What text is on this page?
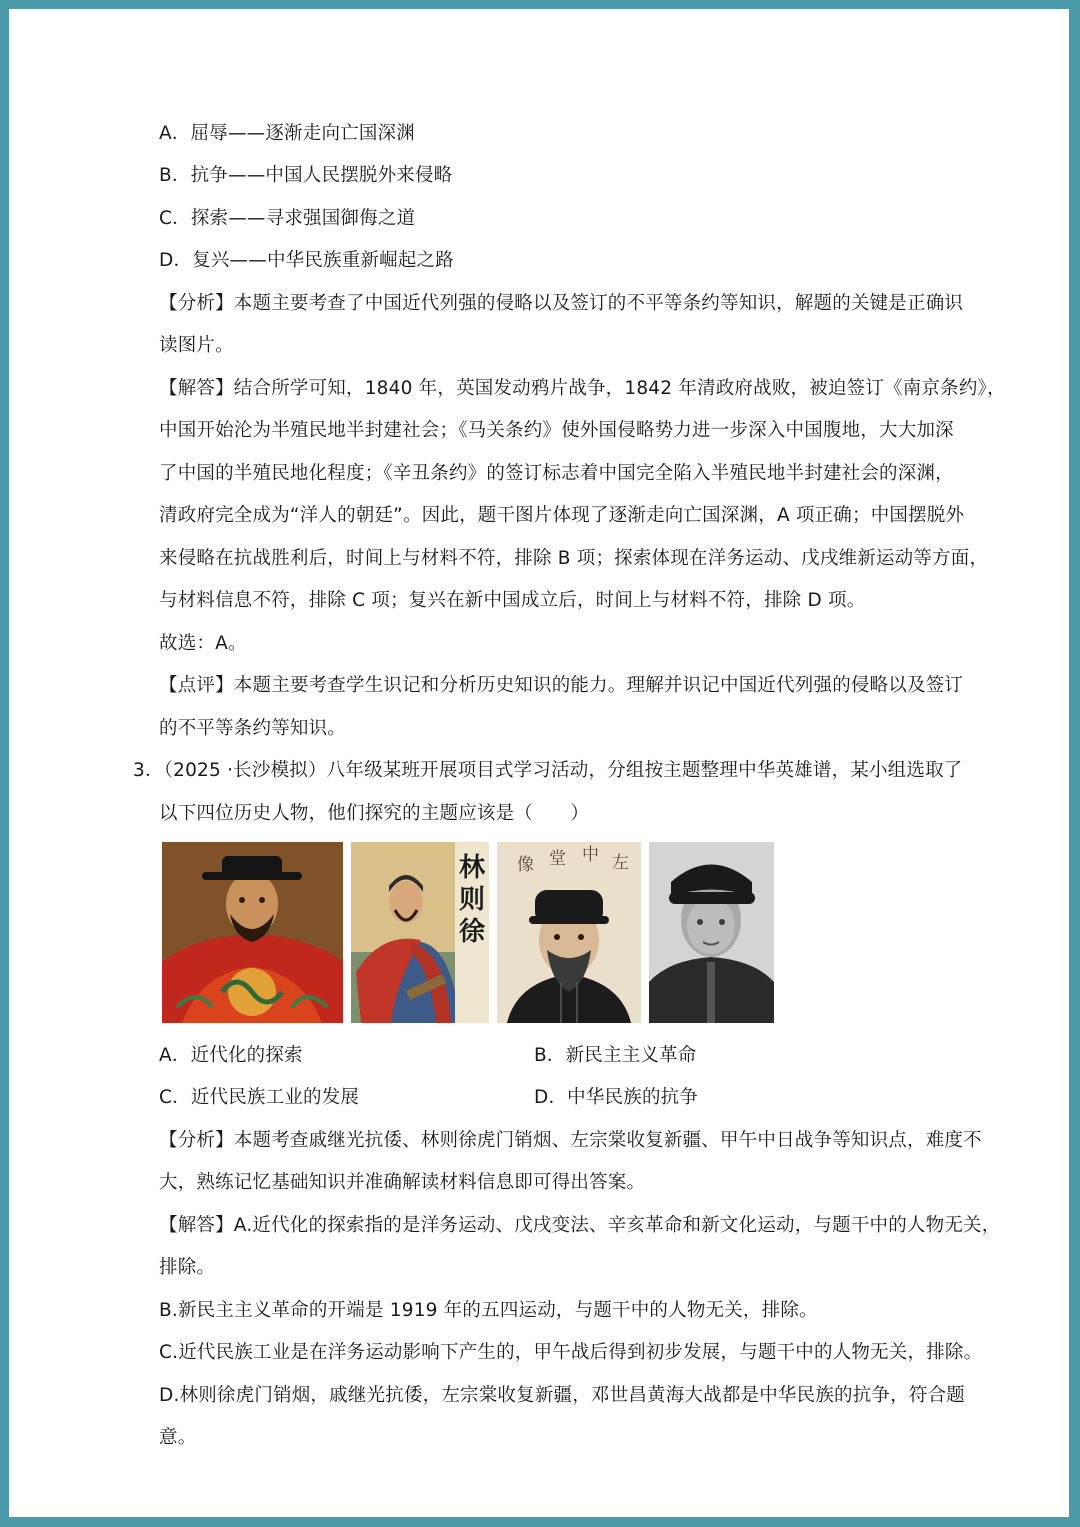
A．屈辱——逐渐走向亡国深渊

B．抗争——中国人民摆脱外来侵略

C．探索——寻求强国御侮之道

D．复兴——中华民族重新崛起之路

【分析】本题主要考查了中国近代列强的侵略以及签订的不平等条约等知识，解题的关键是正确识

读图片。

【解答】结合所学可知，1840 年，英国发动鸦片战争，1842 年清政府战败，被迫签订《南京条约》，

中国开始沦为半殖民地半封建社会；《马关条约》使外国侵略势力进一步深入中国腹地，大大加深

了中国的半殖民地化程度；《辛丑条约》的签订标志着中国完全陷入半殖民地半封建社会的深渊，

清政府完全成为“洋人的朝廷”。因此，题干图片体现了逐渐走向亡国深渊，A 项正确；中国摆脱外

来侵略在抗战胜利后，时间上与材料不符，排除 B 项；探索体现在洋务运动、戊戌维新运动等方面，

与材料信息不符，排除 C 项；复兴在新中国成立后，时间上与材料不符，排除 D 项。

故选：A。

【点评】本题主要考查学生识记和分析历史知识的能力。理解并识记中国近代列强的侵略以及签订

的不平等条约等知识。

3．（2025 ·长沙模拟）八年级某班开展项目式学习活动，分组按主题整理中华英雄谱，某小组选取了

以下四位历史人物，他们探究的主题应该是（　　）

林
则
徐
像 堂 中 左

A．近代化的探索	B．新民主主义革命

C．近代民族工业的发展	D．中华民族的抗争

【分析】本题考查戚继光抗倭、林则徐虎门销烟、左宗棠收复新疆、甲午中日战争等知识点，难度不

大，熟练记忆基础知识并准确解读材料信息即可得出答案。

【解答】A.近代化的探索指的是洋务运动、戊戌变法、辛亥革命和新文化运动，与题干中的人物无关，

排除。

B.新民主主义革命的开端是 1919 年的五四运动，与题干中的人物无关，排除。

C.近代民族工业是在洋务运动影响下产生的，甲午战后得到初步发展，与题干中的人物无关，排除。

D.林则徐虎门销烟，戚继光抗倭，左宗棠收复新疆，邓世昌黄海大战都是中华民族的抗争，符合题

意。
